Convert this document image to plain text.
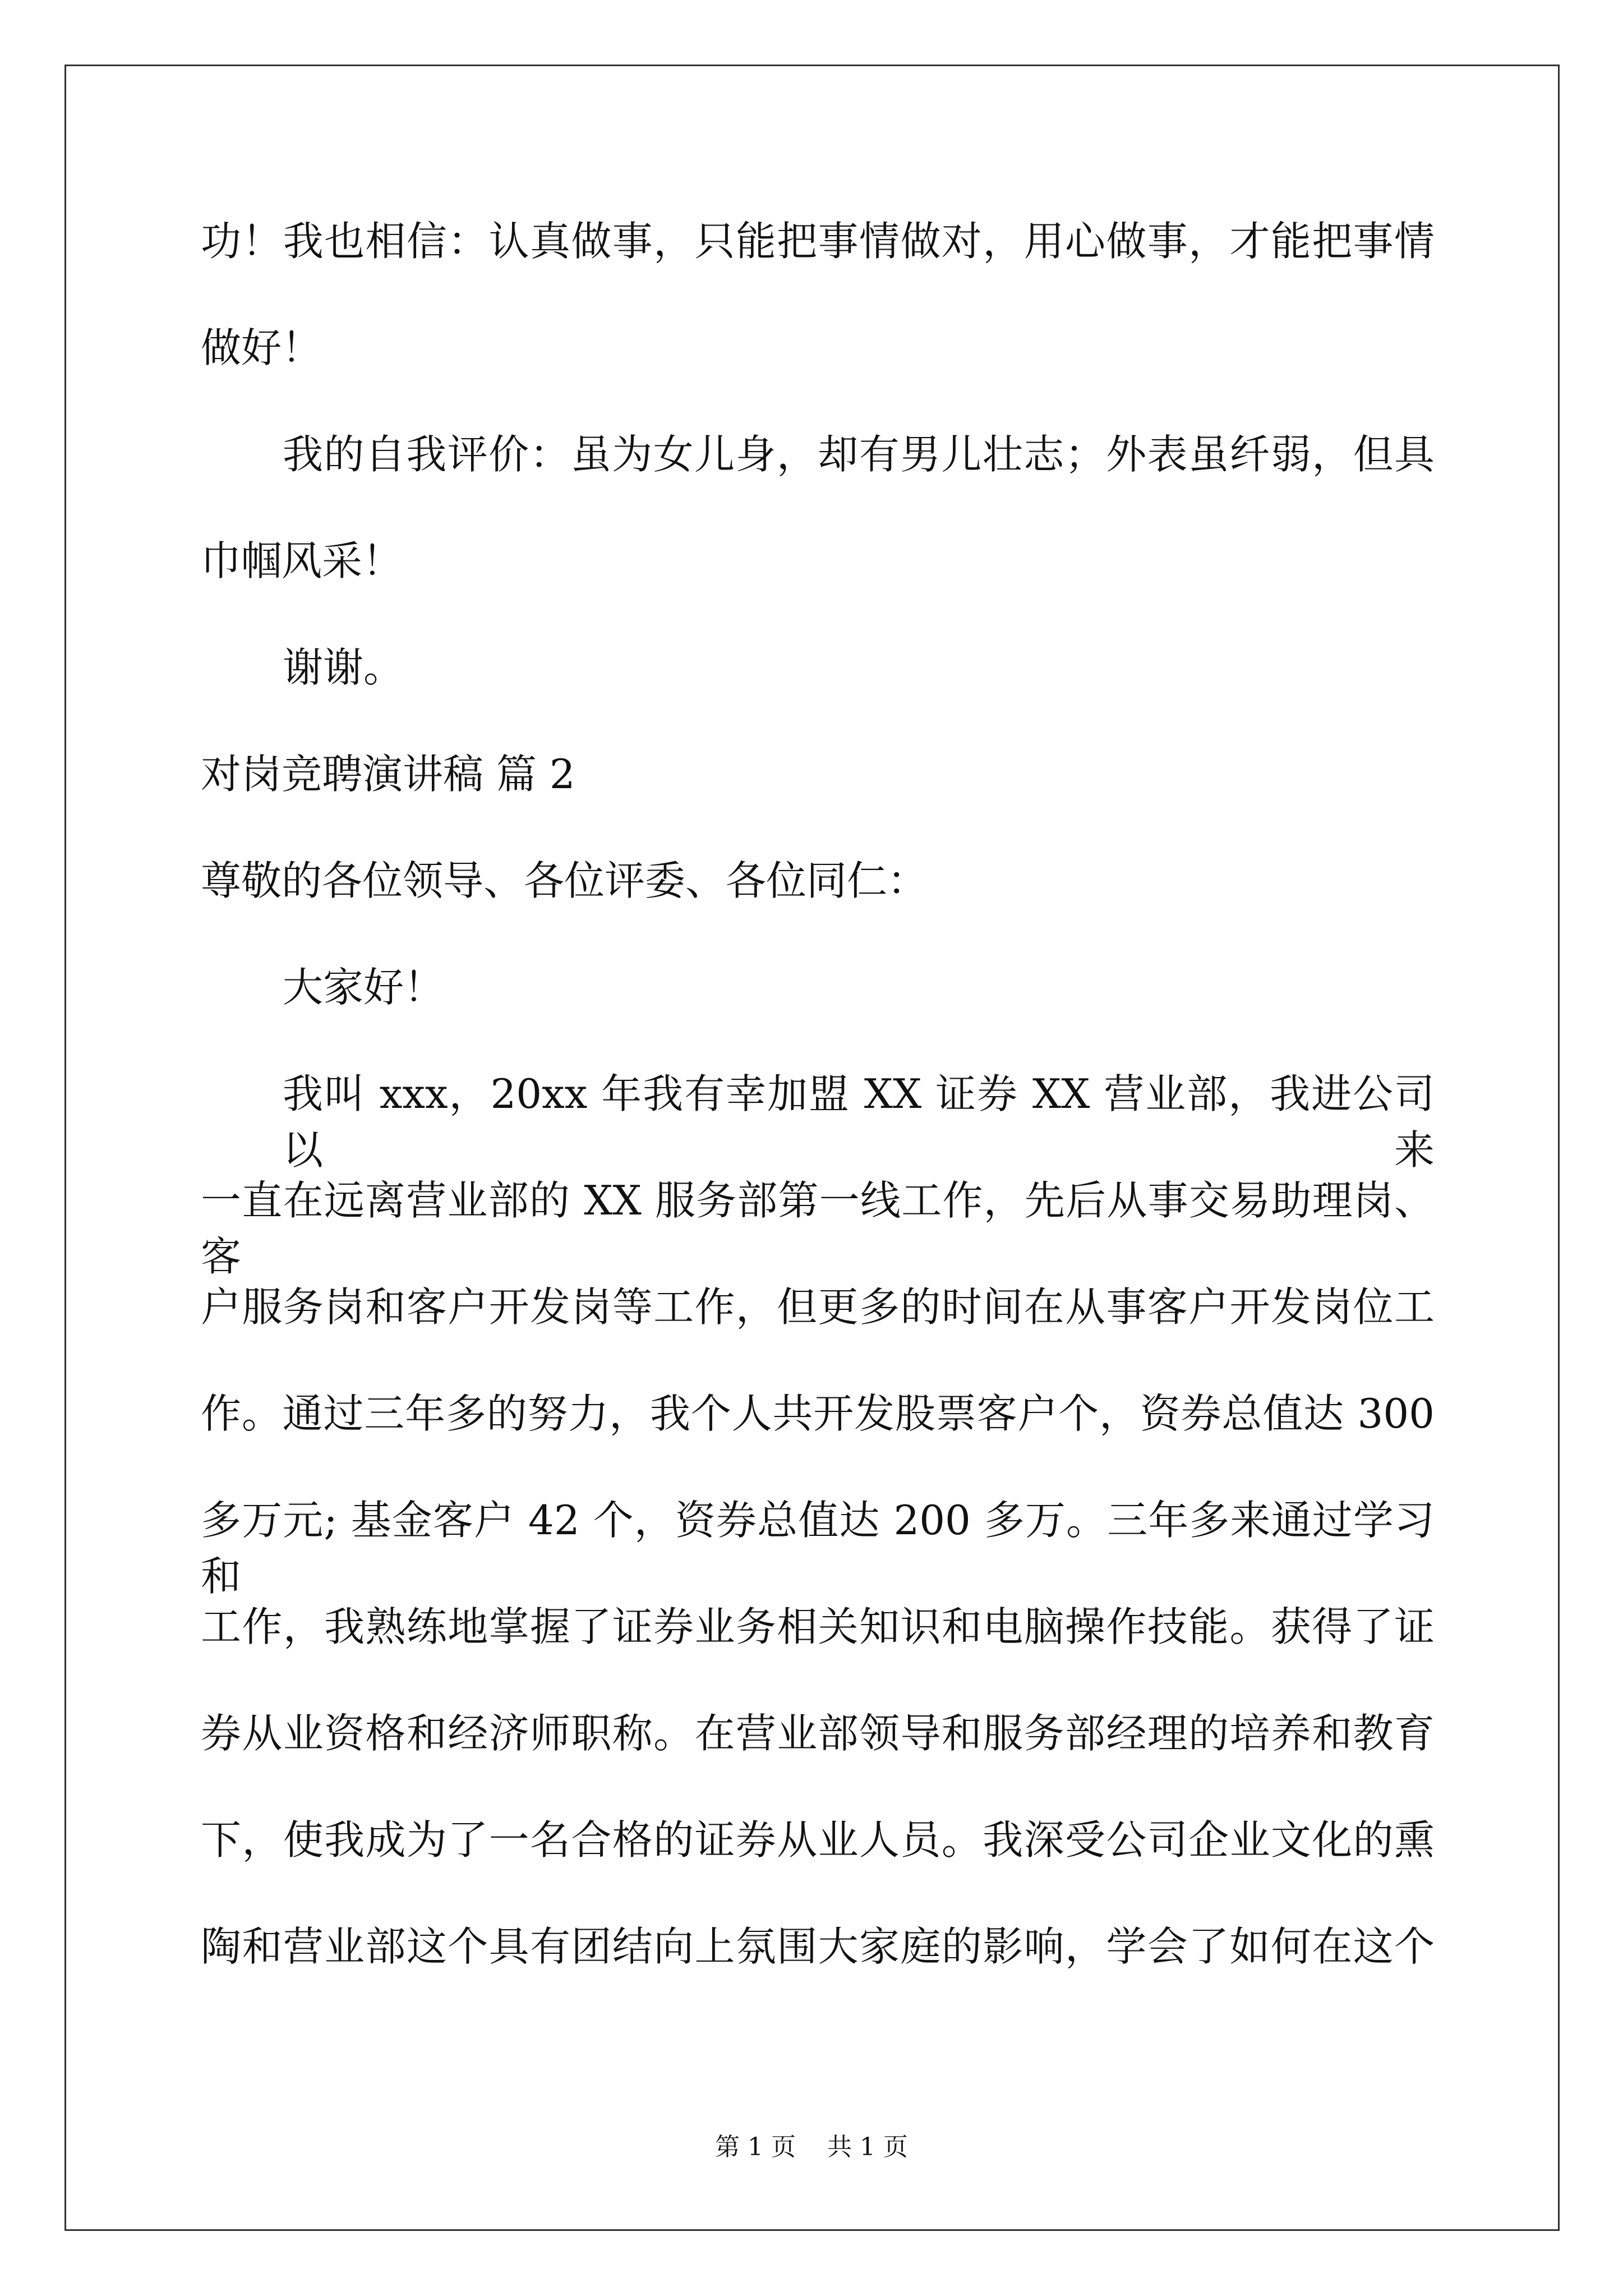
功！我也相信：认真做事，只能把事情做对，用心做事，才能把事情
做好！
我的自我评价：虽为女儿身，却有男儿壮志；外表虽纤弱，但具
巾帼风采！
谢谢。
对岗竞聘演讲稿 篇 2
尊敬的各位领导、各位评委、各位同仁：
大家好！
我叫 xxx，20xx 年我有幸加盟 XX 证券 XX 营业部，我进公司以来
一直在远离营业部的 XX 服务部第一线工作，先后从事交易助理岗、客
户服务岗和客户开发岗等工作，但更多的时间在从事客户开发岗位工
作。通过三年多的努力，我个人共开发股票客户个，资券总值达 300
多万元; 基金客户 42 个，资券总值达 200 多万。三年多来通过学习和
工作，我熟练地掌握了证券业务相关知识和电脑操作技能。获得了证
券从业资格和经济师职称。在营业部领导和服务部经理的培养和教育
下，使我成为了一名合格的证券从业人员。我深受公司企业文化的熏
陶和营业部这个具有团结向上氛围大家庭的影响，学会了如何在这个
第 1 页    共 1 页
